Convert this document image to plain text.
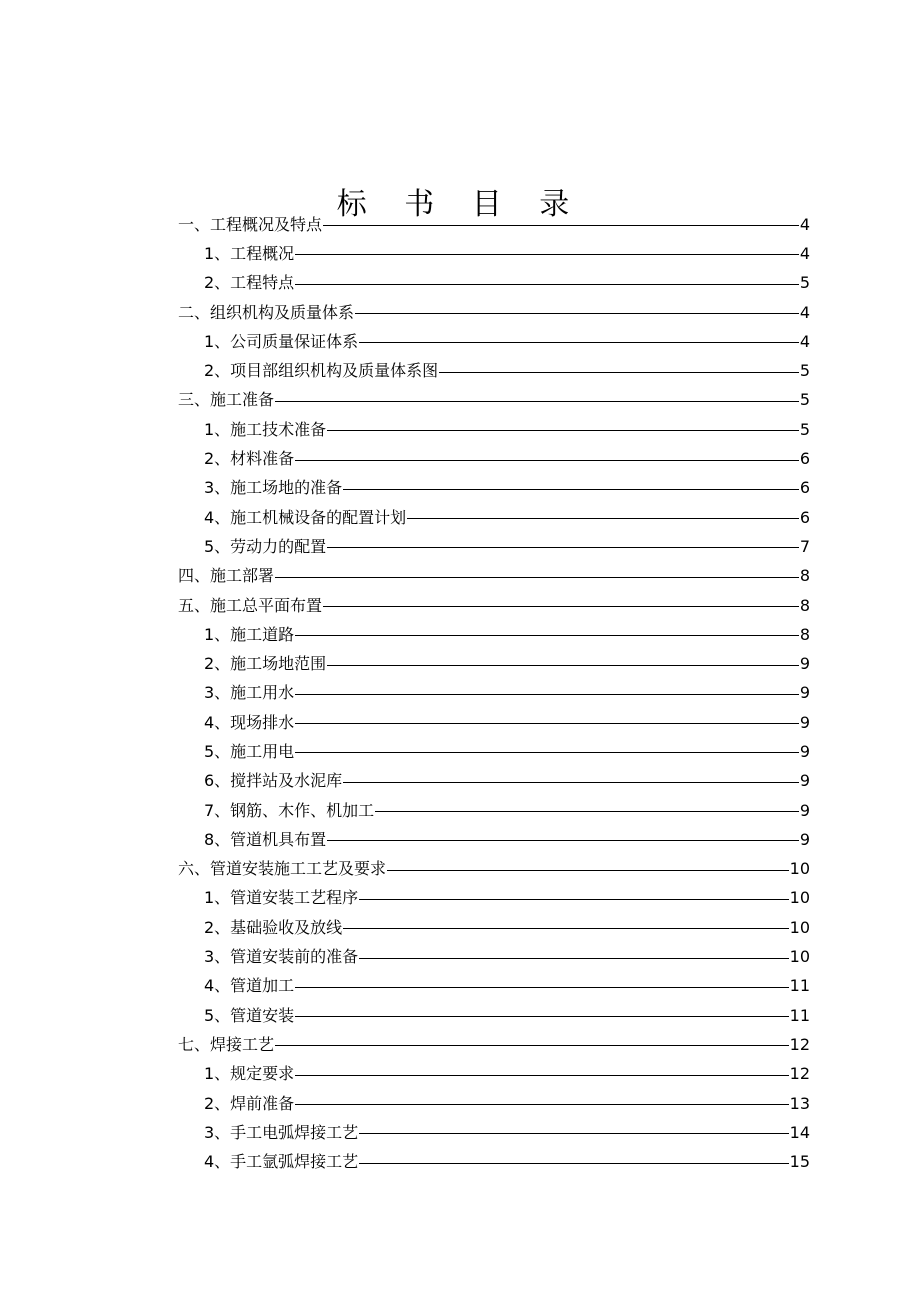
标 书 目 录
一、工程概况及特点	4
1、工程概况	4
2、工程特点	5
二、组织机构及质量体系	4
1、公司质量保证体系	4
2、项目部组织机构及质量体系图	5
三、施工准备	5
1、施工技术准备	5
2、材料准备	6
3、施工场地的准备	6
4、施工机械设备的配置计划	6
5、劳动力的配置	7
四、施工部署	8
五、施工总平面布置	8
1、施工道路	8
2、施工场地范围	9
3、施工用水	9
4、现场排水	9
5、施工用电	9
6、搅拌站及水泥库	9
7、钢筋、木作、机加工	9
8、管道机具布置	9
六、管道安装施工工艺及要求	10
1、管道安装工艺程序	10
2、基础验收及放线	10
3、管道安装前的准备	10
4、管道加工	11
5、管道安装	11
七、焊接工艺	12
1、规定要求	12
2、焊前准备	13
3、手工电弧焊接工艺	14
4、手工氩弧焊接工艺	15
